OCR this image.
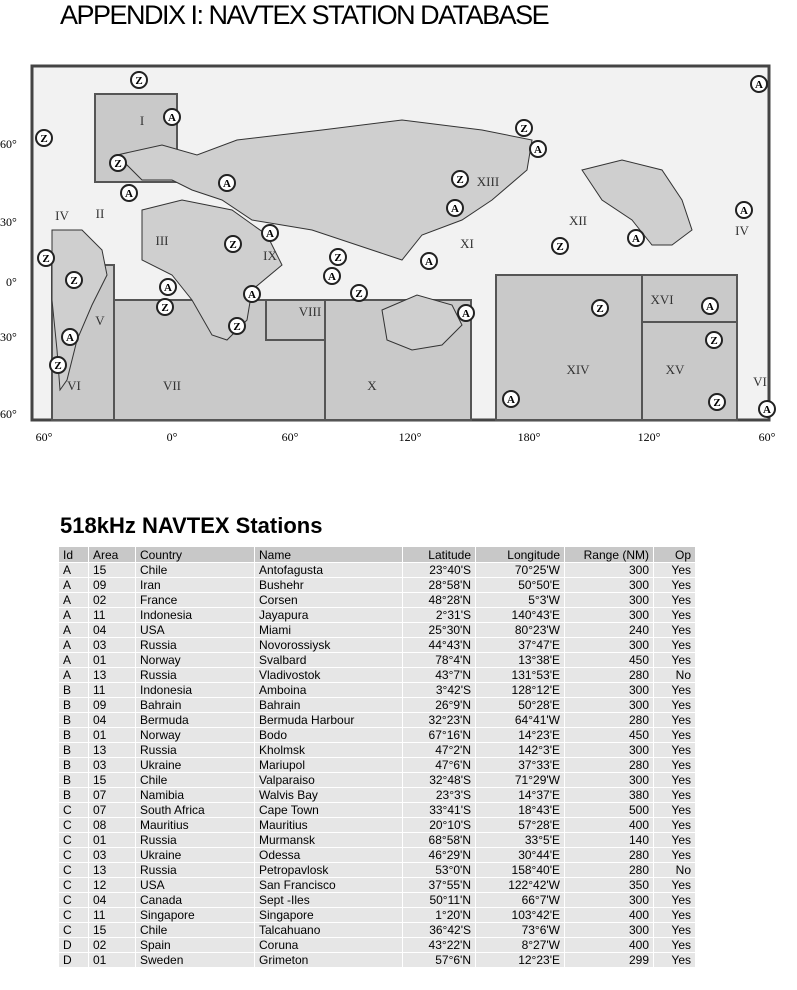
APPENDIX I: NAVTEX STATION DATABASE
I
II
III
IV
V
VI	VII
VIII
IX
X
XI
XII
XIII
XIV	XV
XVI
IV
VI
Z	A
A
Z
Z
A
A
Z
Z
A
Z
A
Z
Z
A
Z
A
Z
A
Z
A
Z
A
Z
A
Z
A
A
Z
A
Z
Z
A
A
A
60°
30°
0°
30°
60°
60°	0°	60°	120°	180°	120°	60°
518kHz NAVTEX Stations
Id	Area	Country	Name	Latitude	Longitude	Range (NM)	Op
A	15	Chile	Antofagusta	23°40'S	70°25'W	300	Yes
A	09	Iran	Bushehr	28°58'N	50°50'E	300	Yes
A	02	France	Corsen	48°28'N	5°3'W	300	Yes
A	11	Indonesia	Jayapura	2°31'S	140°43'E	300	Yes
A	04	USA	Miami	25°30'N	80°23'W	240	Yes
A	03	Russia	Novorossiysk	44°43'N	37°47'E	300	Yes
A	01	Norway	Svalbard	78°4'N	13°38'E	450	Yes
A	13	Russia	Vladivostok	43°7'N	131°53'E	280	No
B	11	Indonesia	Amboina	3°42'S	128°12'E	300	Yes
B	09	Bahrain	Bahrain	26°9'N	50°28'E	300	Yes
B	04	Bermuda	Bermuda Harbour	32°23'N	64°41'W	280	Yes
B	01	Norway	Bodo	67°16'N	14°23'E	450	Yes
B	13	Russia	Kholmsk	47°2'N	142°3'E	300	Yes
B	03	Ukraine	Mariupol	47°6'N	37°33'E	280	Yes
B	15	Chile	Valparaiso	32°48'S	71°29'W	300	Yes
B	07	Namibia	Walvis Bay	23°3'S	14°37'E	380	Yes
C	07	South Africa	Cape Town	33°41'S	18°43'E	500	Yes
C	08	Mauritius	Mauritius	20°10'S	57°28'E	400	Yes
C	01	Russia	Murmansk	68°58'N	33°5'E	140	Yes
C	03	Ukraine	Odessa	46°29'N	30°44'E	280	Yes
C	13	Russia	Petropavlosk	53°0'N	158°40'E	280	No
C	12	USA	San Francisco	37°55'N	122°42'W	350	Yes
C	04	Canada	Sept -Iles	50°11'N	66°7'W	300	Yes
C	11	Singapore	Singapore	1°20'N	103°42'E	400	Yes
C	15	Chile	Talcahuano	36°42'S	73°6'W	300	Yes
D	02	Spain	Coruna	43°22'N	8°27'W	400	Yes
D	01	Sweden	Grimeton	57°6'N	12°23'E	299	Yes
